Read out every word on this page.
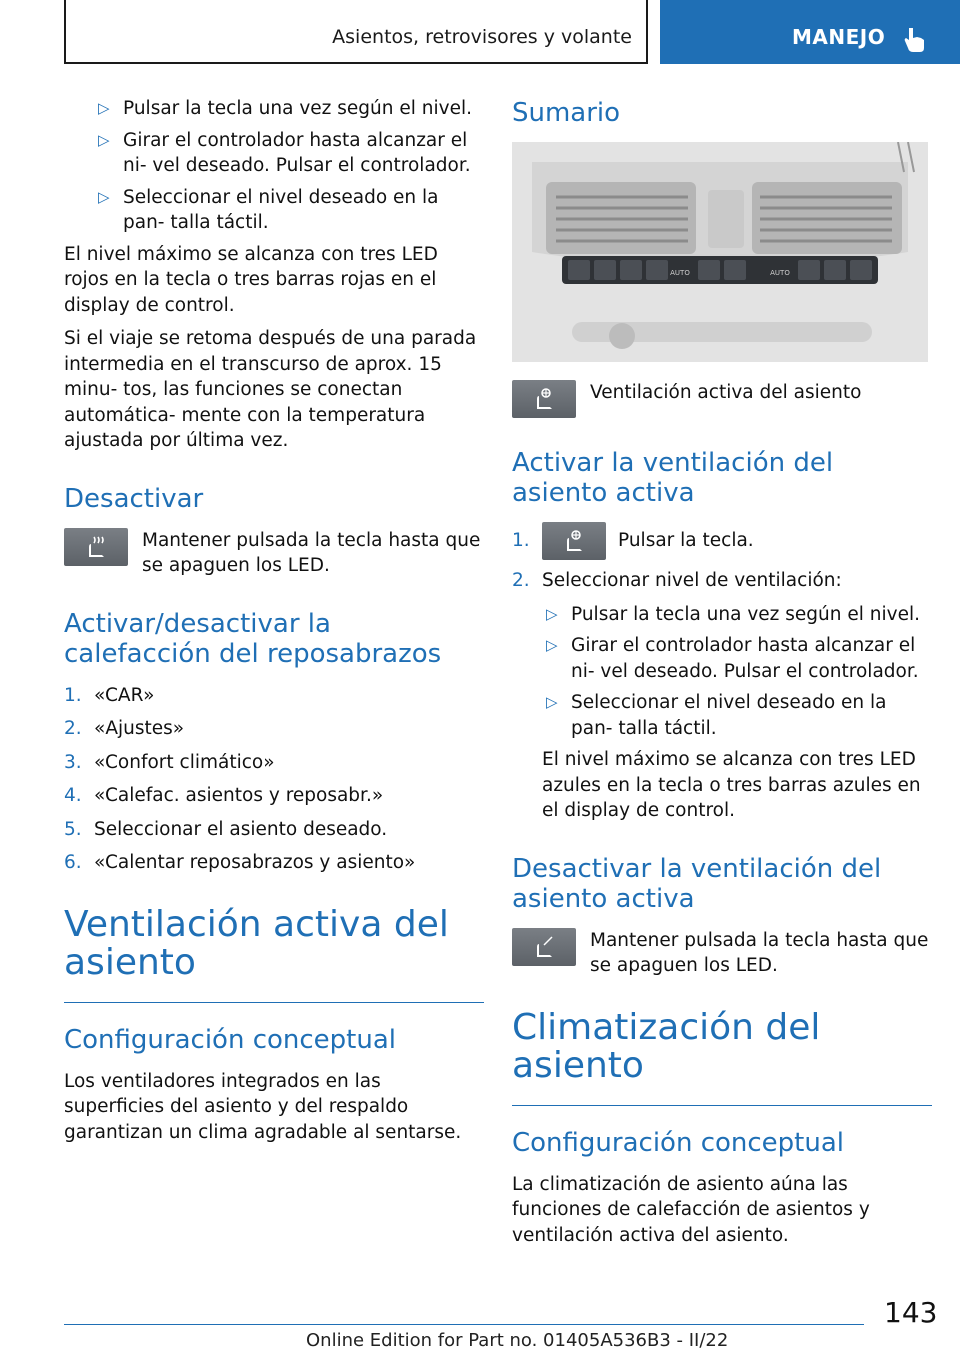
Asientos, retrovisores y volante	MANEJO
▷ Pulsar la tecla una vez según el nivel.
▷ Girar el controlador hasta alcanzar el ni‐ vel deseado. Pulsar el controlador.
▷ Seleccionar el nivel deseado en la pan‐ talla táctil.
El nivel máximo se alcanza con tres LED rojos en la tecla o tres barras rojas en el display de control.
Si el viaje se retoma después de una parada intermedia en el transcurso de aprox. 15 minu‐ tos, las funciones se conectan automática‐ mente con la temperatura ajustada por última vez.
Desactivar
Mantener pulsada la tecla hasta que se apaguen los LED.
Activar/desactivar la calefacción del reposabrazos
1. «CAR»
2. «Ajustes»
3. «Confort climático»
4. «Calefac. asientos y reposabr.»
5. Seleccionar el asiento deseado.
6. «Calentar reposabrazos y asiento»
Ventilación activa del asiento
Configuración conceptual
Los ventiladores integrados en las superficies del asiento y del respaldo garantizan un clima agradable al sentarse.
Sumario
AUTO	AUTO
Ventilación activa del asiento
Activar la ventilación del asiento activa
1.	Pulsar la tecla.
2. Seleccionar nivel de ventilación:
▷ Pulsar la tecla una vez según el nivel.
▷ Girar el controlador hasta alcanzar el ni‐ vel deseado. Pulsar el controlador.
▷ Seleccionar el nivel deseado en la pan‐ talla táctil.
El nivel máximo se alcanza con tres LED azules en la tecla o tres barras azules en el display de control.
Desactivar la ventilación del asiento activa
Mantener pulsada la tecla hasta que se apaguen los LED.
Climatización del asiento
Configuración conceptual
La climatización de asiento aúna las funciones de calefacción de asientos y ventilación activa del asiento.
143
Online Edition for Part no. 01405A536B3 - II/22
